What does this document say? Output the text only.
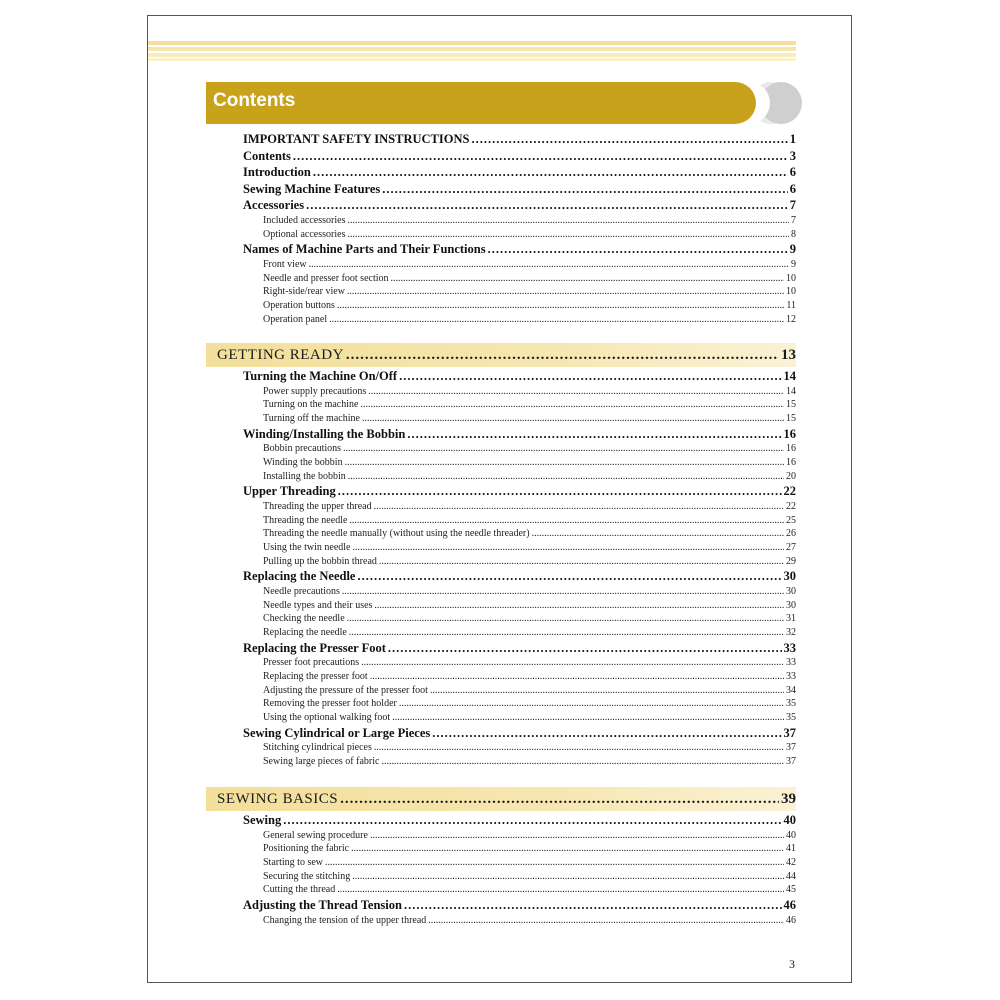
Contents
IMPORTANT SAFETY INSTRUCTIONS .....	1
Contents .....	3
Introduction .....	6
Sewing Machine Features .....	6
Accessories .....	7
Included accessories .....	7
Optional accessories .....	8
Names of Machine Parts and Their Functions .....	9
Front view .....	9
Needle and presser foot section .....	10
Right-side/rear view .....	10
Operation buttons .....	11
Operation panel .....	12
GETTING READY .....	13
Turning the Machine On/Off .....	14
Power supply precautions .....	14
Turning on the machine .....	15
Turning off the machine .....	15
Winding/Installing the Bobbin .....	16
Bobbin precautions .....	16
Winding the bobbin .....	16
Installing the bobbin .....	20
Upper Threading .....	22
Threading the upper thread .....	22
Threading the needle .....	25
Threading the needle manually (without using the needle threader) .....	26
Using the twin needle .....	27
Pulling up the bobbin thread .....	29
Replacing the Needle .....	30
Needle precautions .....	30
Needle types and their uses .....	30
Checking the needle .....	31
Replacing the needle .....	32
Replacing the Presser Foot .....	33
Presser foot precautions .....	33
Replacing the presser foot .....	33
Adjusting the pressure of the presser foot .....	34
Removing the presser foot holder .....	35
Using the optional walking foot .....	35
Sewing Cylindrical or Large Pieces .....	37
Stitching cylindrical pieces .....	37
Sewing large pieces of fabric .....	37
SEWING BASICS .....	39
Sewing .....	40
General sewing procedure .....	40
Positioning the fabric .....	41
Starting to sew .....	42
Securing the stitching .....	44
Cutting the thread .....	45
Adjusting the Thread Tension .....	46
Changing the tension of the upper thread .....	46
3
